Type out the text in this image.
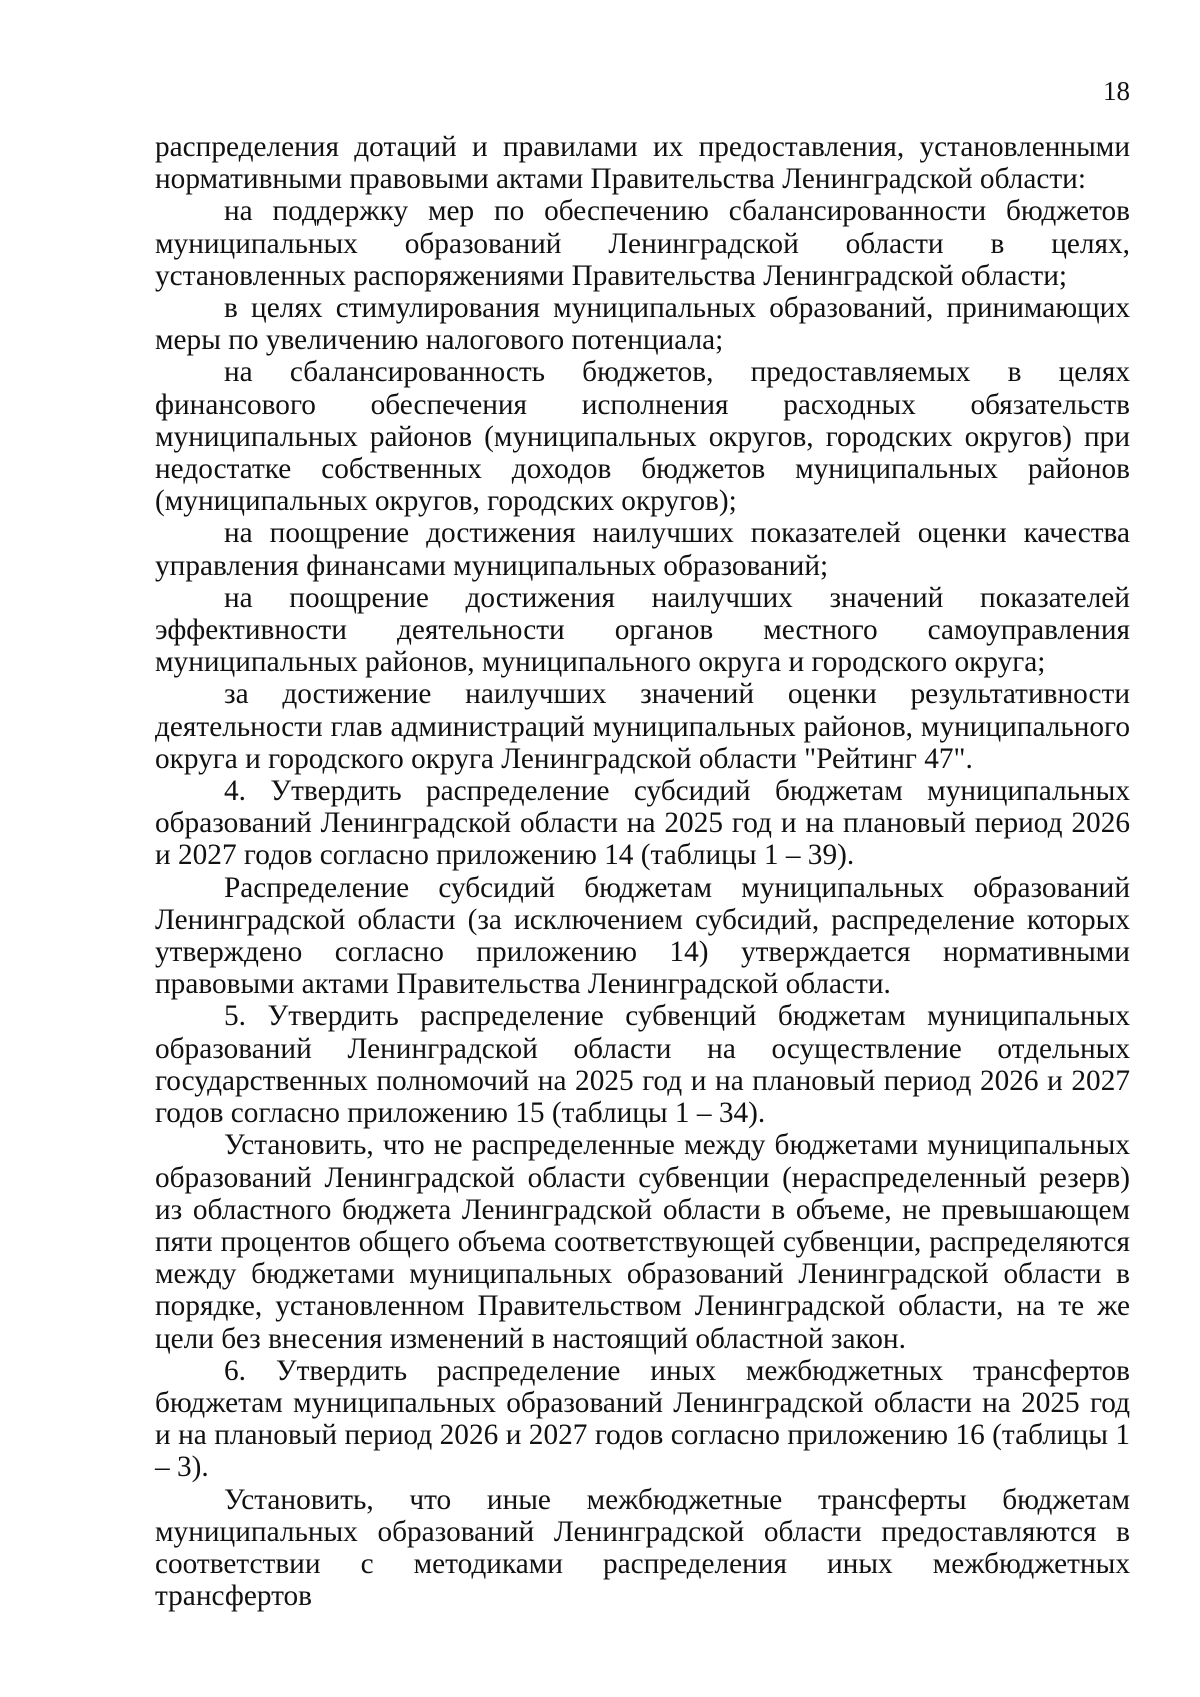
18

распределения дотаций и правилами их предоставления, установленными нормативными правовыми актами Правительства Ленинградской области:

на поддержку мер по обеспечению сбалансированности бюджетов муниципальных образований Ленинградской области в целях, установленных распоряжениями Правительства Ленинградской области;

в целях стимулирования муниципальных образований, принимающих меры по увеличению налогового потенциала;

на сбалансированность бюджетов, предоставляемых в целях финансового обеспечения исполнения расходных обязательств муниципальных районов (муниципальных округов, городских округов) при недостатке собственных доходов бюджетов муниципальных районов (муниципальных округов, городских округов);

на поощрение достижения наилучших показателей оценки качества управления финансами муниципальных образований;

на поощрение достижения наилучших значений показателей эффективности деятельности органов местного самоуправления муниципальных районов, муниципального округа и городского округа;

за достижение наилучших значений оценки результативности деятельности глав администраций муниципальных районов, муниципального округа и городского округа Ленинградской области "Рейтинг 47".

4. Утвердить распределение субсидий бюджетам муниципальных образований Ленинградской области на 2025 год и на плановый период 2026 и 2027 годов согласно приложению 14 (таблицы 1 – 39).

Распределение субсидий бюджетам муниципальных образований Ленинградской области (за исключением субсидий, распределение которых утверждено согласно приложению 14) утверждается нормативными правовыми актами Правительства Ленинградской области.

5. Утвердить распределение субвенций бюджетам муниципальных образований Ленинградской области на осуществление отдельных государственных полномочий на 2025 год и на плановый период 2026 и 2027 годов согласно приложению 15 (таблицы 1 – 34).

Установить, что не распределенные между бюджетами муниципальных образований Ленинградской области субвенции (нераспределенный резерв) из областного бюджета Ленинградской области в объеме, не превышающем пяти процентов общего объема соответствующей субвенции, распределяются между бюджетами муниципальных образований Ленинградской области в порядке, установленном Правительством Ленинградской области, на те же цели без внесения изменений в настоящий областной закон.

6. Утвердить распределение иных межбюджетных трансфертов бюджетам муниципальных образований Ленинградской области на 2025 год и на плановый период 2026 и 2027 годов согласно приложению 16 (таблицы 1 – 3).

Установить, что иные межбюджетные трансферты бюджетам муниципальных образований Ленинградской области предоставляются в соответствии с методиками распределения иных межбюджетных трансфертов
